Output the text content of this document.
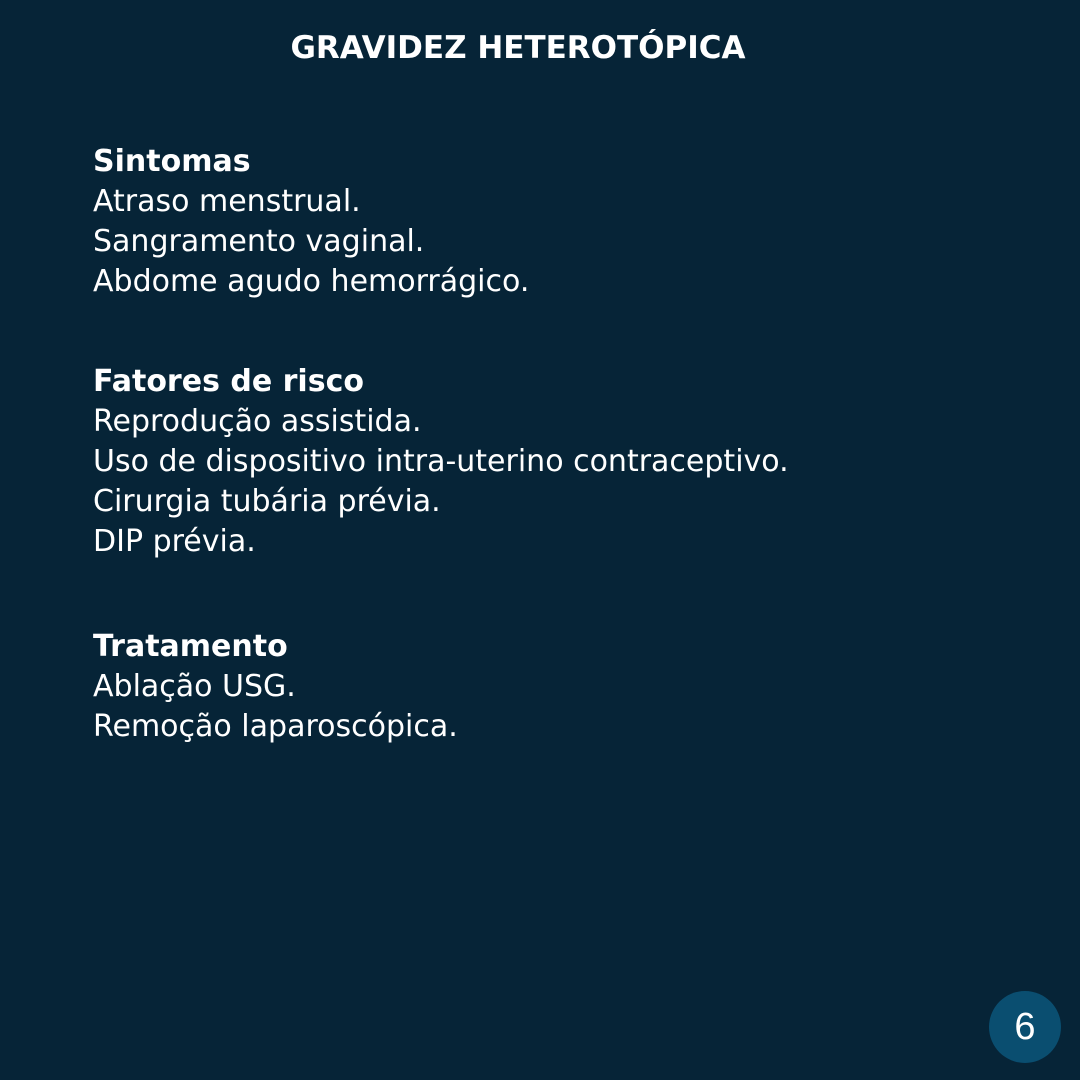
GRAVIDEZ HETEROTÓPICA
Sintomas
Atraso menstrual.
Sangramento vaginal.
Abdome agudo hemorrágico.
Fatores de risco
Reprodução assistida.
Uso de dispositivo intra-uterino contraceptivo.
Cirurgia tubária prévia.
DIP prévia.
Tratamento
Ablação USG.
Remoção laparoscópica.
6
